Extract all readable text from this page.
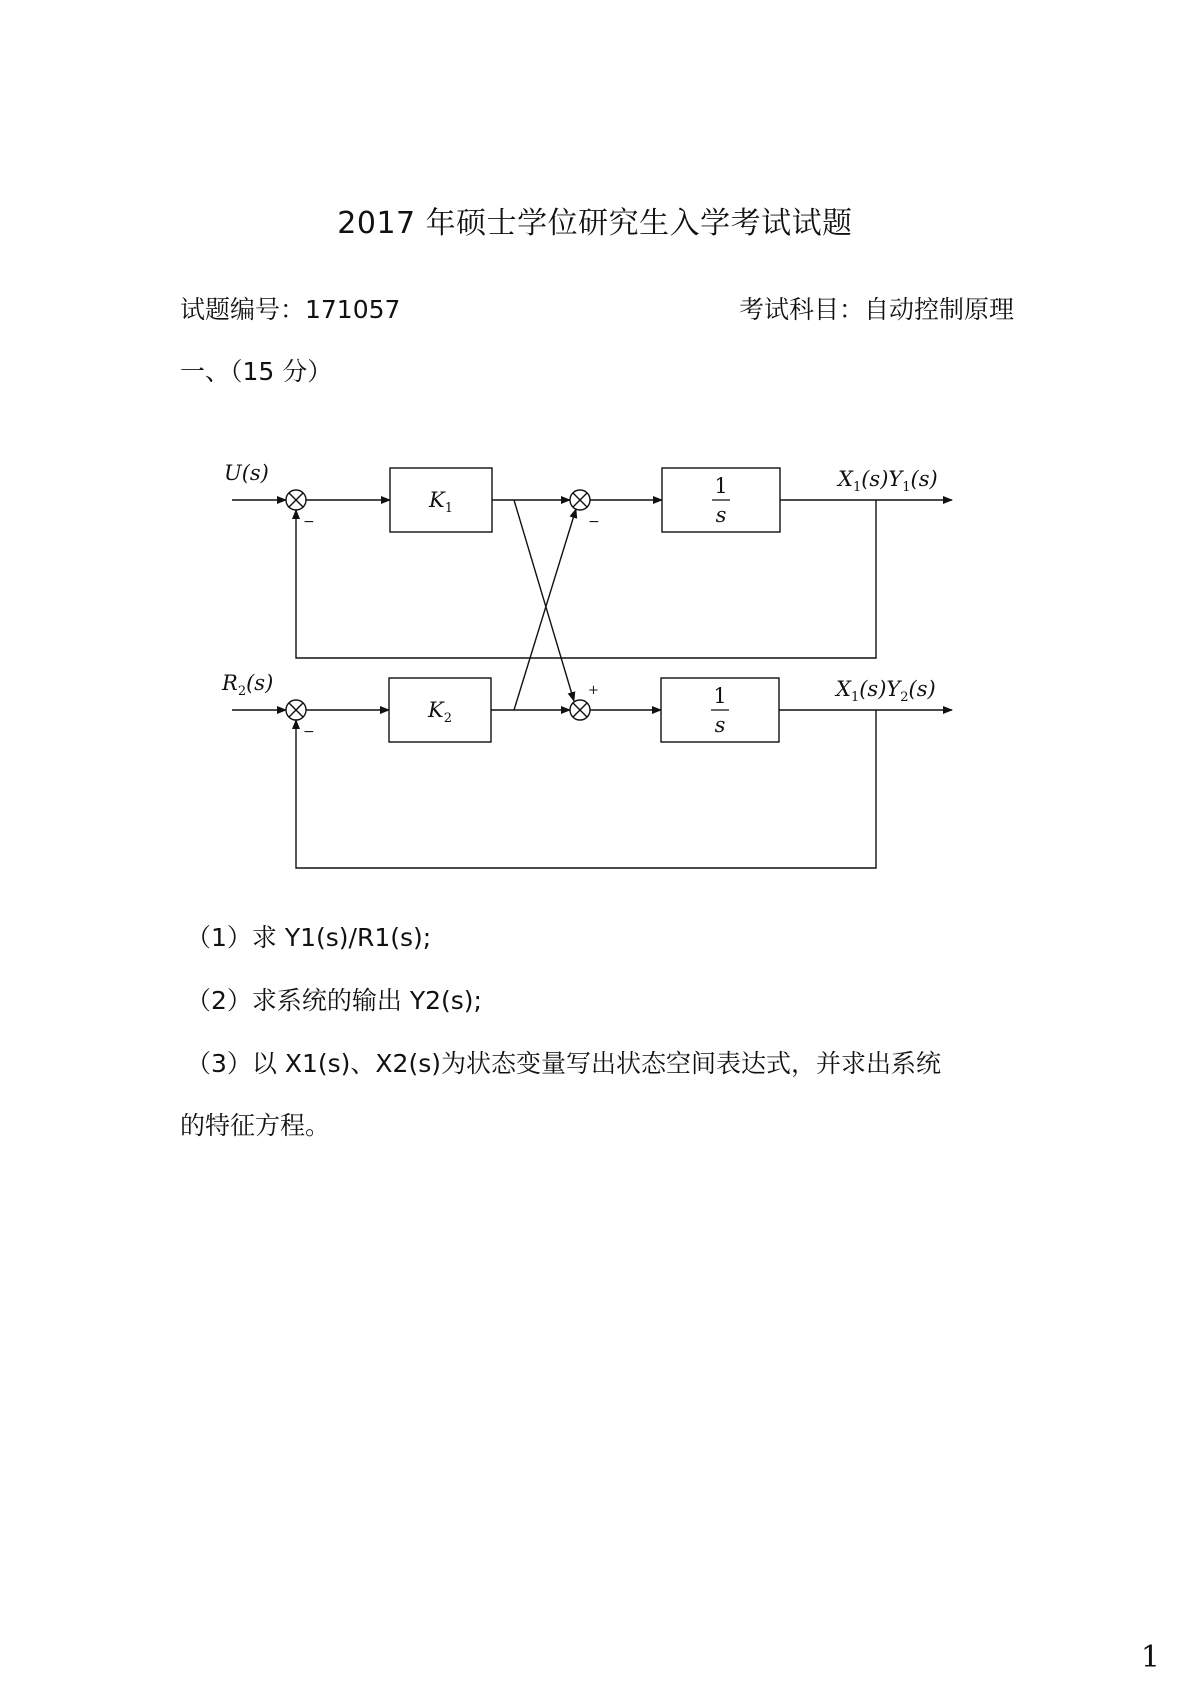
2017 年硕士学位研究生入学考试试题
试题编号：171057	考试科目：自动控制原理
一、（15 分）
U(s)
$R_2(s)$
$K_1$
$K_2$
1
s
1
s
$X_1(s)Y_1(s)$
$X_1(s)Y_2(s)$
−	−
−
+
（1）求 Y1(s)/R1(s);
（2）求系统的输出 Y2(s);
（3）以 X1(s)、X2(s)为状态变量写出状态空间表达式，并求出系统
的特征方程。
1
